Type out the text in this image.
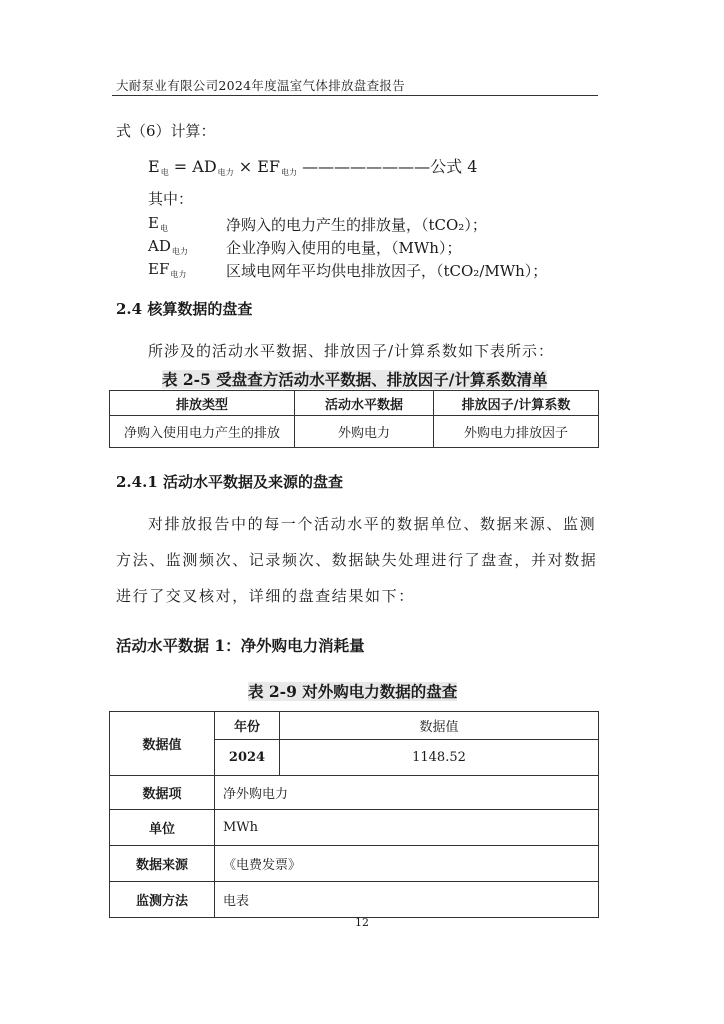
大耐泵业有限公司2024年度温室气体排放盘查报告
式（6）计算：
E电 = AD电力 × EF电力 ————————公式 4
其中：
$E_电$	净购入的电力产生的排放量，（tCO₂）；
$AD_{电力}$	企业净购入使用的电量，（MWh）；
$EF_{电力}$	区域电网年平均供电排放因子，（tCO₂/MWh）；
2.4 核算数据的盘查
所涉及的活动水平数据、排放因子/计算系数如下表所示：
表 2-5 受盘查方活动水平数据、排放因子/计算系数清单
排放类型	活动水平数据	排放因子/计算系数
净购入使用电力产生的排放	外购电力	外购电力排放因子
2.4.1 活动水平数据及来源的盘查
对排放报告中的每一个活动水平的数据单位、数据来源、监测
方法、监测频次、记录频次、数据缺失处理进行了盘查，并对数据
进行了交叉核对，详细的盘查结果如下：
活动水平数据 1：净外购电力消耗量
表 2-9 对外购电力数据的盘查
数据值	年份	数据值
	2024	1148.52
数据项	净外购电力	
单位	MWh	
数据来源	《电费发票》	
监测方法	电表	
12
